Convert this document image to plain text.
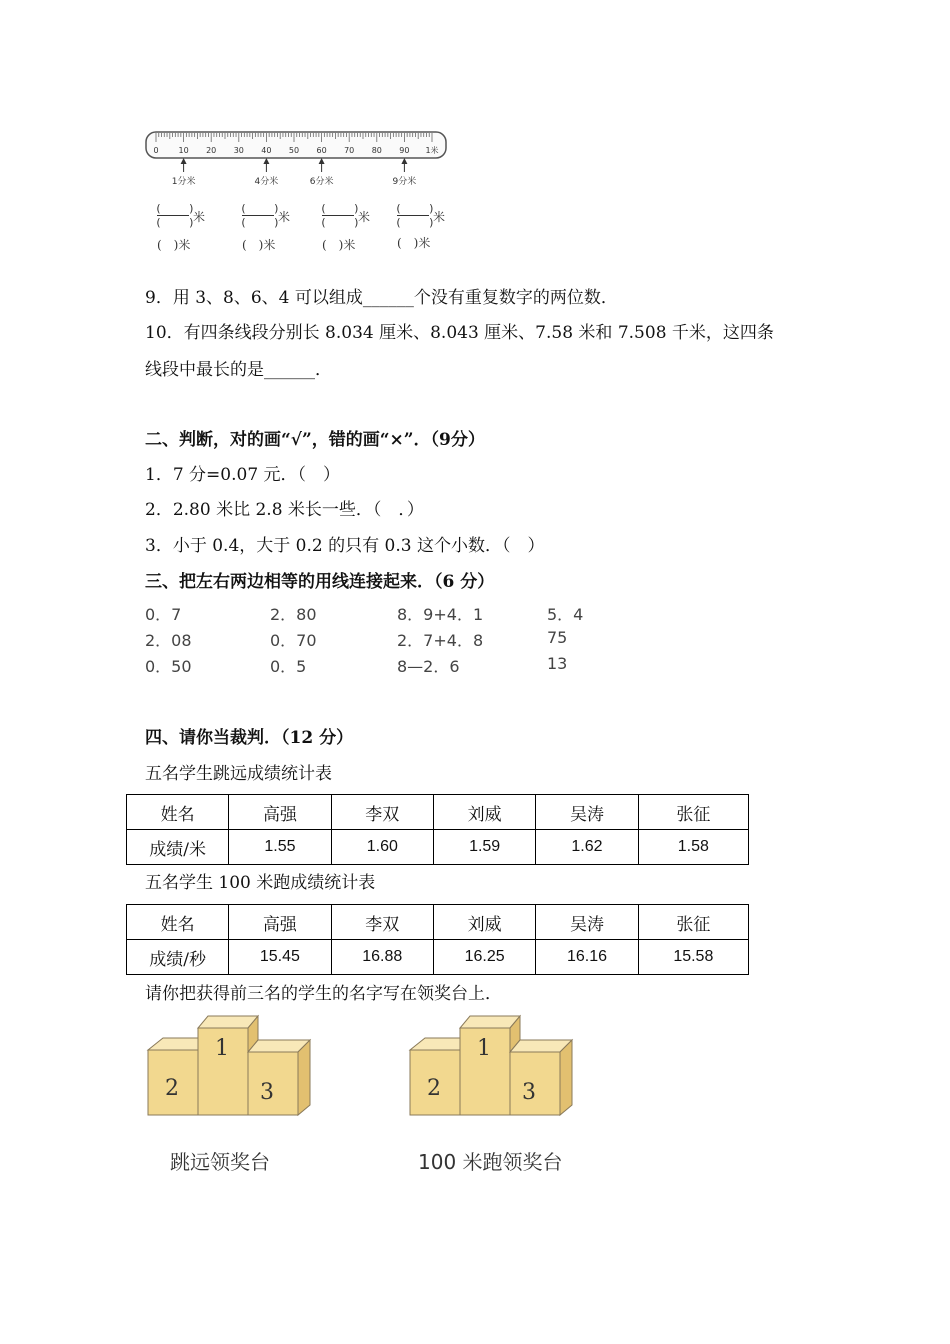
0 10 20 30 40 50 60 70 80 90 1米
1分米	4分米	6分米	9分米
( )
( )
米
( )
( )
米
( )
( )
米
( )
( )
米
(　)米	(　)米	(　)米	(　)米
9．用 3、8、6、4 可以组成______个没有重复数字的两位数．
10．有四条线段分别长 8.034 厘米、8.043 厘米、7.58 米和 7.508 千米，这四条
线段中最长的是______．
二、判断，对的画“√”，错的画“×”．（9分）
1．7 分=0.07 元．（　）
2．2.80 米比 2.8 米长一些．（　．）
3．小于 0.4，大于 0.2 的只有 0.3 这个小数．（　）
三、把左右两边相等的用线连接起来．（6 分）
0．7	2．80	8．9+4．1	5．4
2．08	0．70	2．7+4．8	75
0．50	0．5	8—2．6	13
四、请你当裁判．（12 分）
五名学生跳远成绩统计表
姓名	高强	李双	刘威	吴涛	张征
成绩/米	1.55	1.60	1.59	1.62	1.58
五名学生 100 米跑成绩统计表
姓名	高强	李双	刘威	吴涛	张征
成绩/秒	15.45	16.88	16.25	16.16	15.58
请你把获得前三名的学生的名字写在领奖台上．
1
2	3
跳远领奖台
1
2	3
100 米跑领奖台
